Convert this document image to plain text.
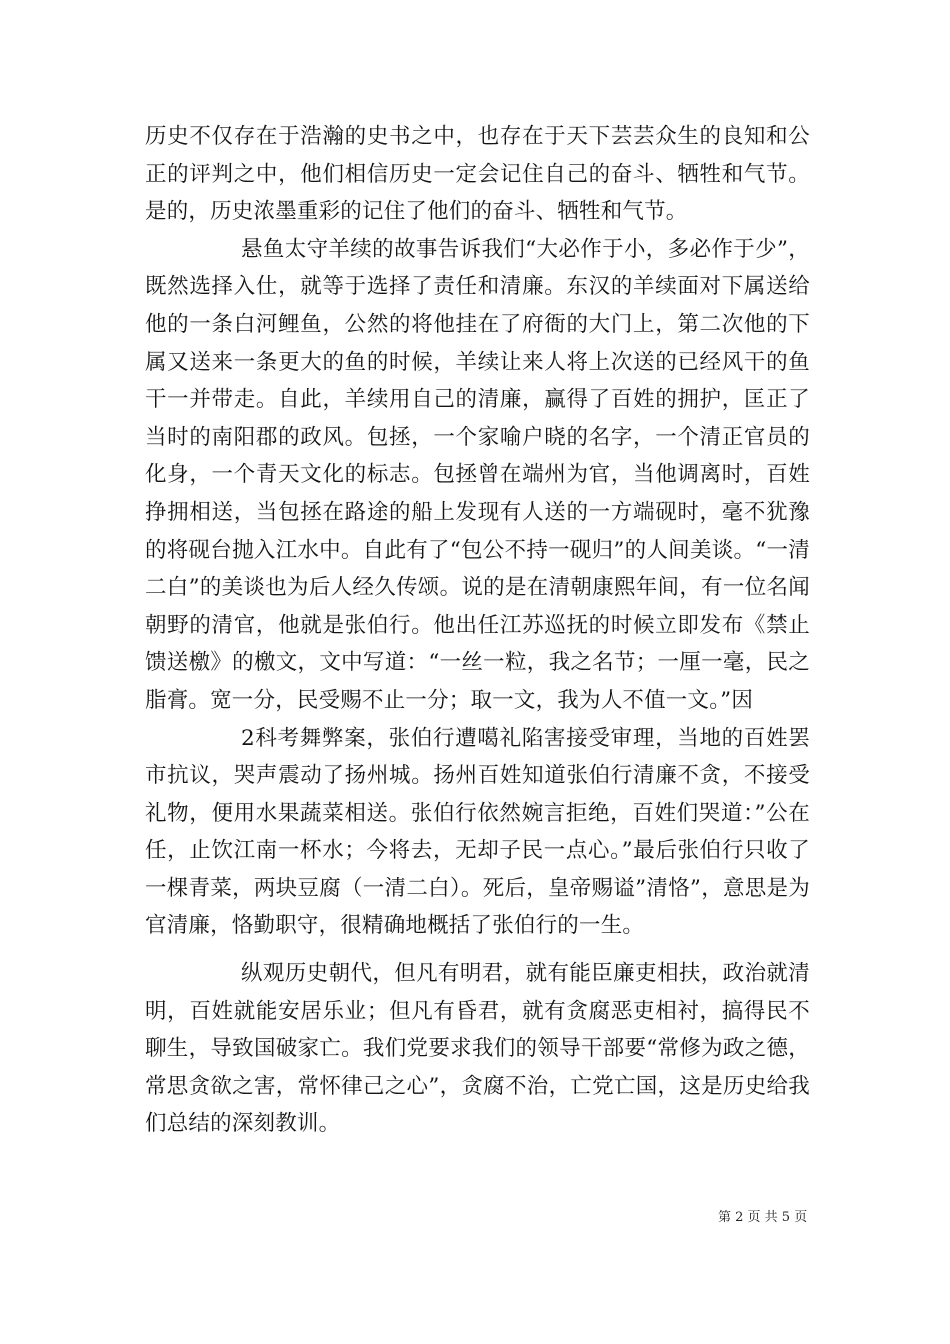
历史不仅存在于浩瀚的史书之中，也存在于天下芸芸众生的良知和公正的评判之中，他们相信历史一定会记住自己的奋斗、牺牲和气节。是的，历史浓墨重彩的记住了他们的奋斗、牺牲和气节。

悬鱼太守羊续的故事告诉我们“大必作于小，多必作于少”，既然选择入仕，就等于选择了责任和清廉。东汉的羊续面对下属送给他的一条白河鲤鱼，公然的将他挂在了府衙的大门上，第二次他的下属又送来一条更大的鱼的时候，羊续让来人将上次送的已经风干的鱼干一并带走。自此，羊续用自己的清廉，赢得了百姓的拥护，匡正了当时的南阳郡的政风。包拯，一个家喻户晓的名字，一个清正官员的化身，一个青天文化的标志。包拯曾在端州为官，当他调离时，百姓挣拥相送，当包拯在路途的船上发现有人送的一方端砚时，毫不犹豫的将砚台抛入江水中。自此有了“包公不持一砚归”的人间美谈。“一清二白”的美谈也为后人经久传颂。说的是在清朝康熙年间，有一位名闻朝野的清官，他就是张伯行。他出任江苏巡抚的时候立即发布《禁止馈送檄》的檄文，文中写道：“一丝一粒，我之名节；一厘一毫，民之脂膏。宽一分，民受赐不止一分；取一文，我为人不值一文。”因

2科考舞弊案，张伯行遭噶礼陷害接受审理，当地的百姓罢市抗议，哭声震动了扬州城。扬州百姓知道张伯行清廉不贪，不接受礼物，便用水果蔬菜相送。张伯行依然婉言拒绝，百姓们哭道：”公在任，止饮江南一杯水；今将去，无却子民一点心。”最后张伯行只收了一棵青菜，两块豆腐（一清二白）。死后，皇帝赐谥”清恪”，意思是为官清廉，恪勤职守，很精确地概括了张伯行的一生。

纵观历史朝代，但凡有明君，就有能臣廉吏相扶，政治就清明，百姓就能安居乐业；但凡有昏君，就有贪腐恶吏相衬，搞得民不聊生，导致国破家亡。我们党要求我们的领导干部要“常修为政之德，常思贪欲之害，常怀律己之心”，贪腐不治，亡党亡国，这是历史给我们总结的深刻教训。

第 2 页 共 5 页
